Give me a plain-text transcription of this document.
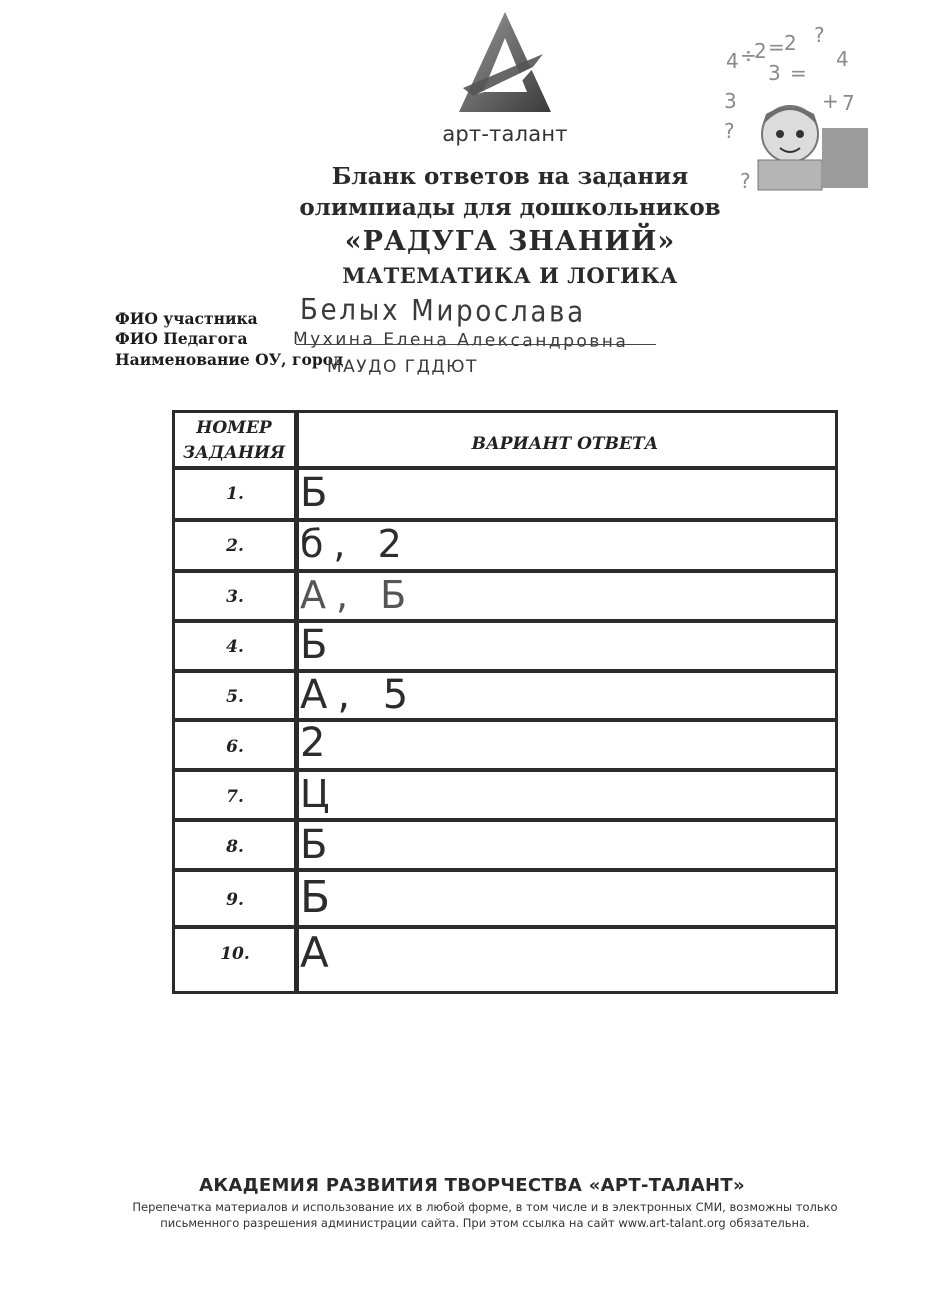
арт-талант
4 ÷
2 = 2 ?
4
3 =
+ 7
3
?
?
Бланк ответов на задания
олимпиады для дошкольников
«РАДУГА ЗНАНИЙ»
МАТЕМАТИКА И ЛОГИКА
ФИО участника
ФИО Педагога
Наименование ОУ, город
Белых Мирослава
Мухина Елена Александровна
МАУДО ГДДЮТ
НОМЕР ЗАДАНИЯ	ВАРИАНТ ОТВЕТА
1.	Б
2.	б, 2
3.	А, Б
4.	Б
5.	А, 5
6.	2
7.	Ц
8.	Б
9.	Б
10.	А
АКАДЕМИЯ РАЗВИТИЯ ТВОРЧЕСТВА «АРТ-ТАЛАНТ»
Перепечатка материалов и использование их в любой форме, в том числе и в электронных СМИ, возможны только
письменного разрешения администрации сайта. При этом ссылка на сайт www.art-talant.org обязательна.
